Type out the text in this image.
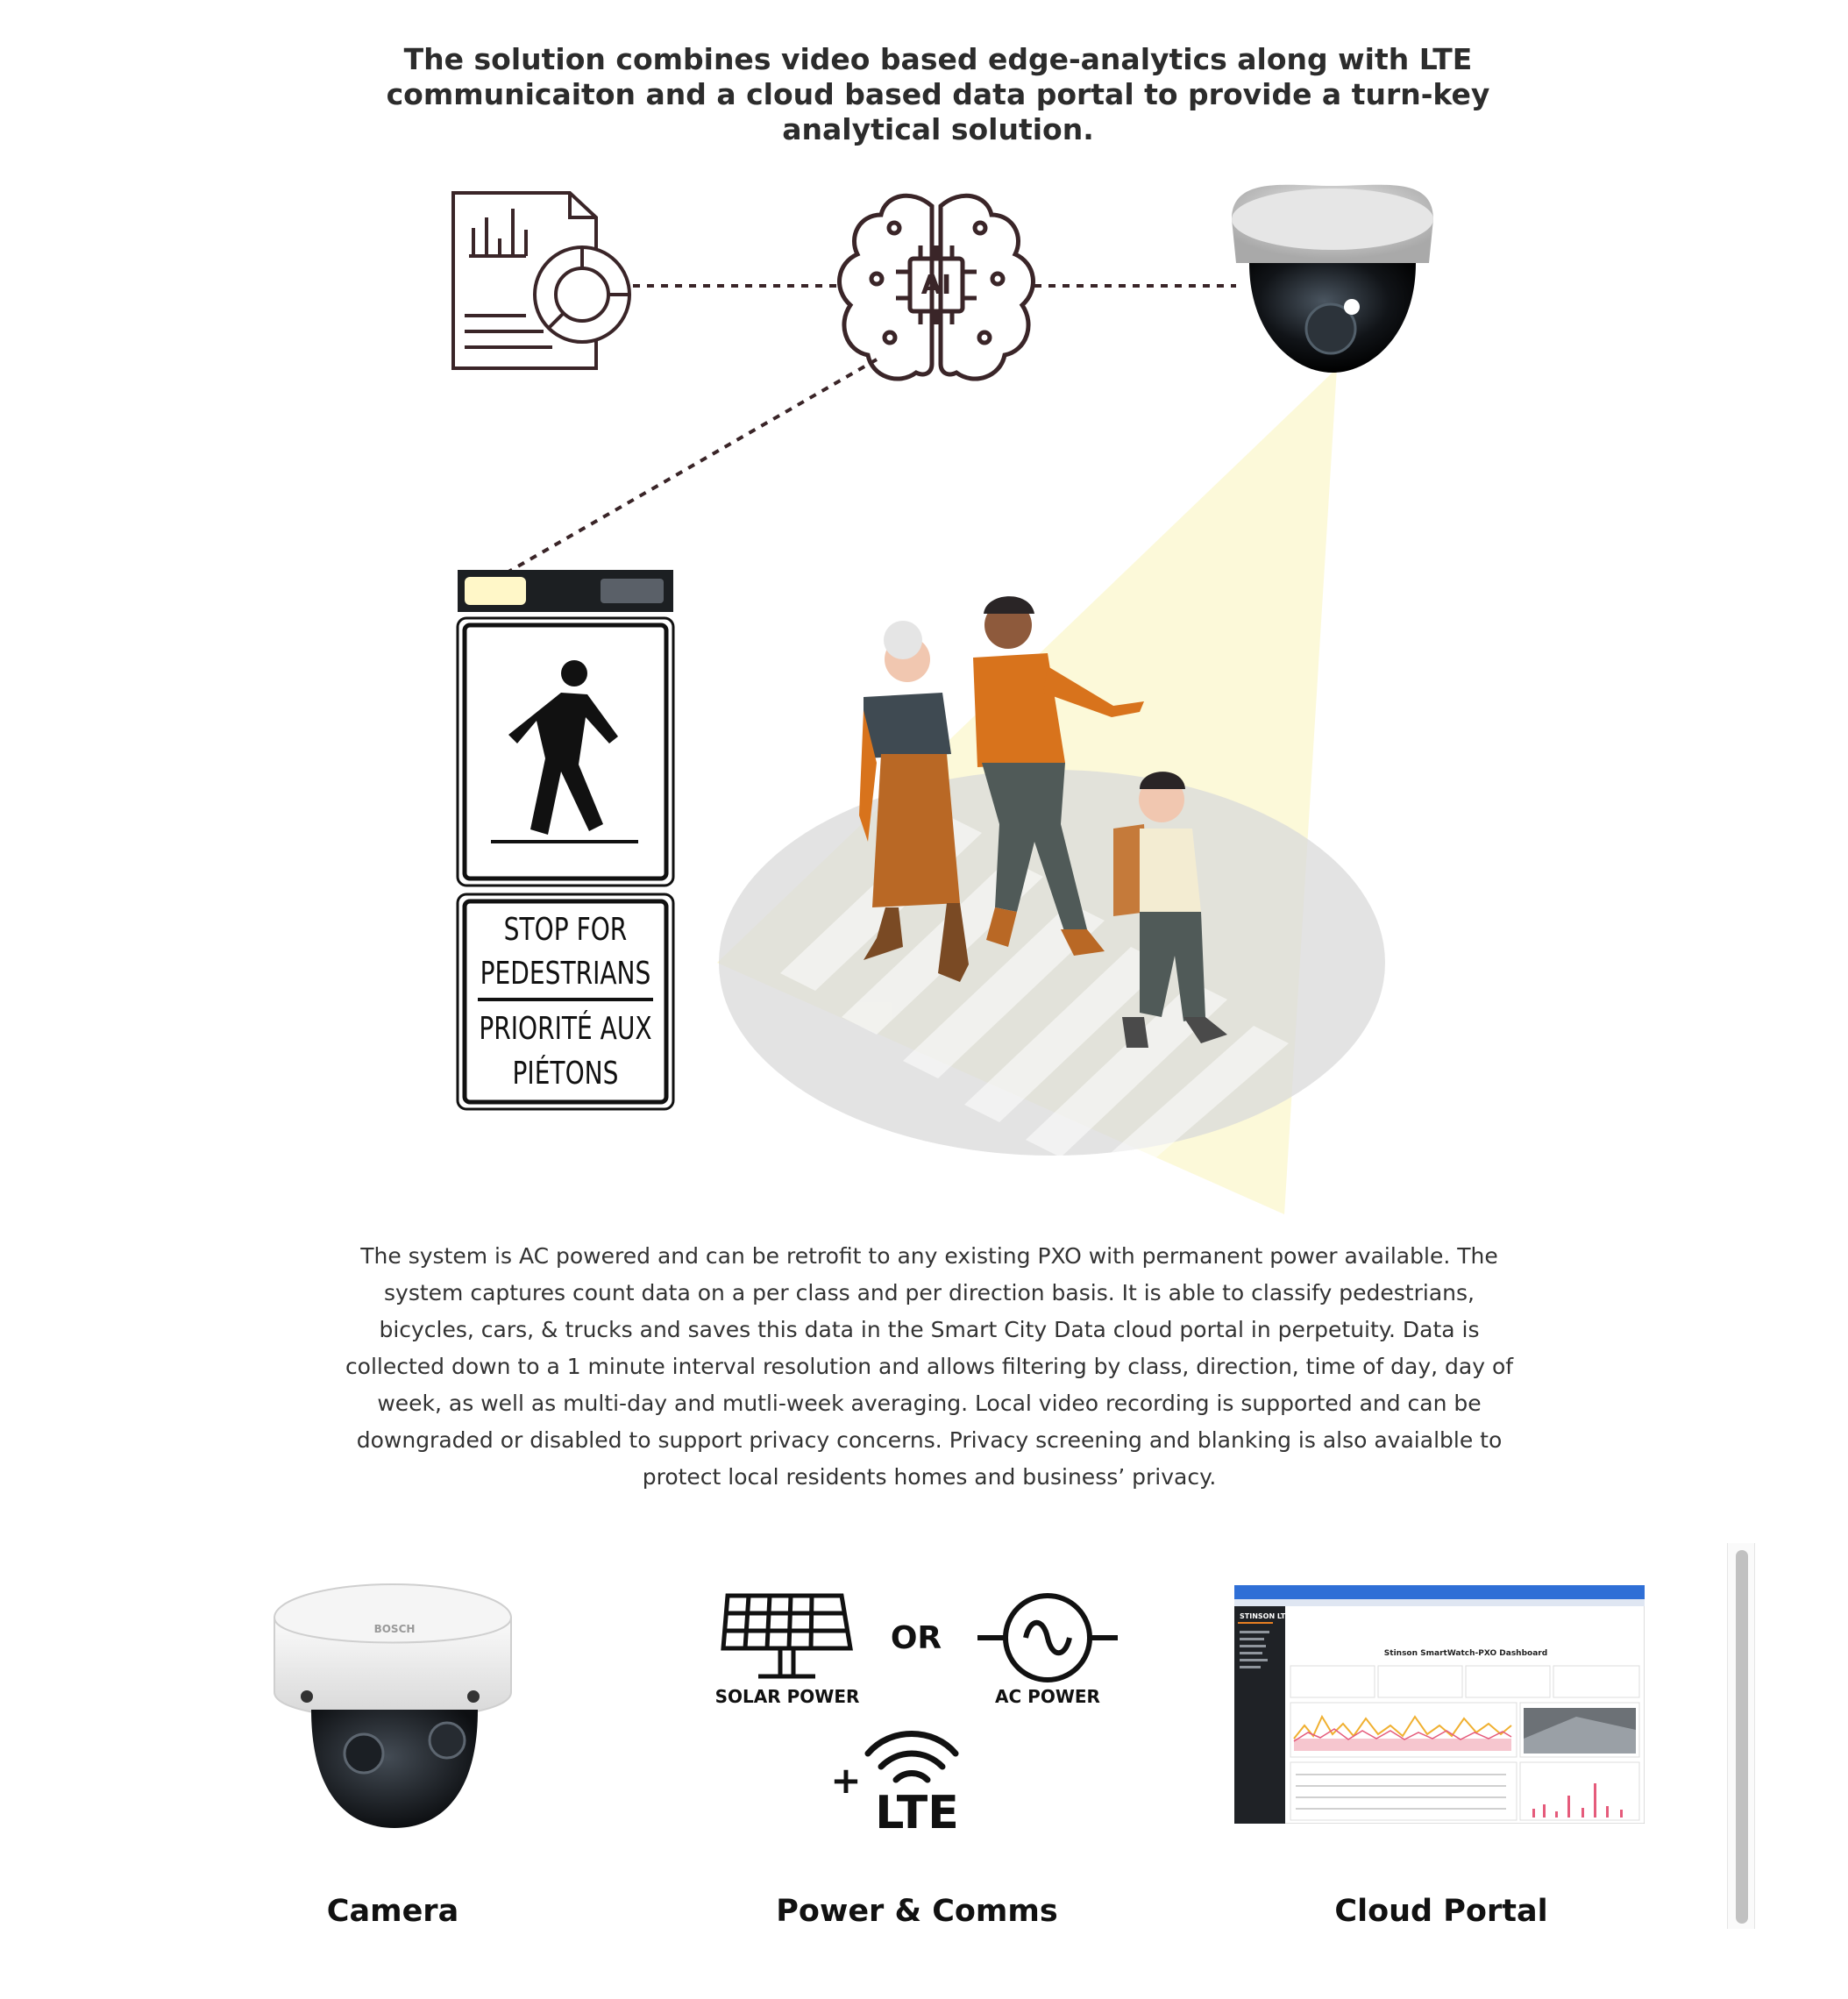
The solution combines video based edge-analytics along with LTE
communicaiton and a cloud based data portal to provide a turn-key
analytical solution.
AI
STOP FOR
PEDESTRIANS
PRIORITÉ AUX
PIÉTONS
The system is AC powered and can be retrofit to any existing PXO with permanent power available. The system captures count data on a per class and per direction basis. It is able to classify pedestrians, bicycles, cars, & trucks and saves this data in the Smart City Data cloud portal in perpetuity. Data is collected down to a 1 minute interval resolution and allows filtering by class, direction, time of day, day of week, as well as multi-day and mutli-week averaging. Local video recording is supported and can be downgraded or disabled to support privacy concerns. Privacy screening and blanking is also avaialble to protect local residents homes and business’ privacy.
BOSCH
SOLAR POWER
OR
AC POWER
+
LTE
STINSON LTE
Stinson SmartWatch-PXO Dashboard
Camera	Power & Comms	Cloud Portal
